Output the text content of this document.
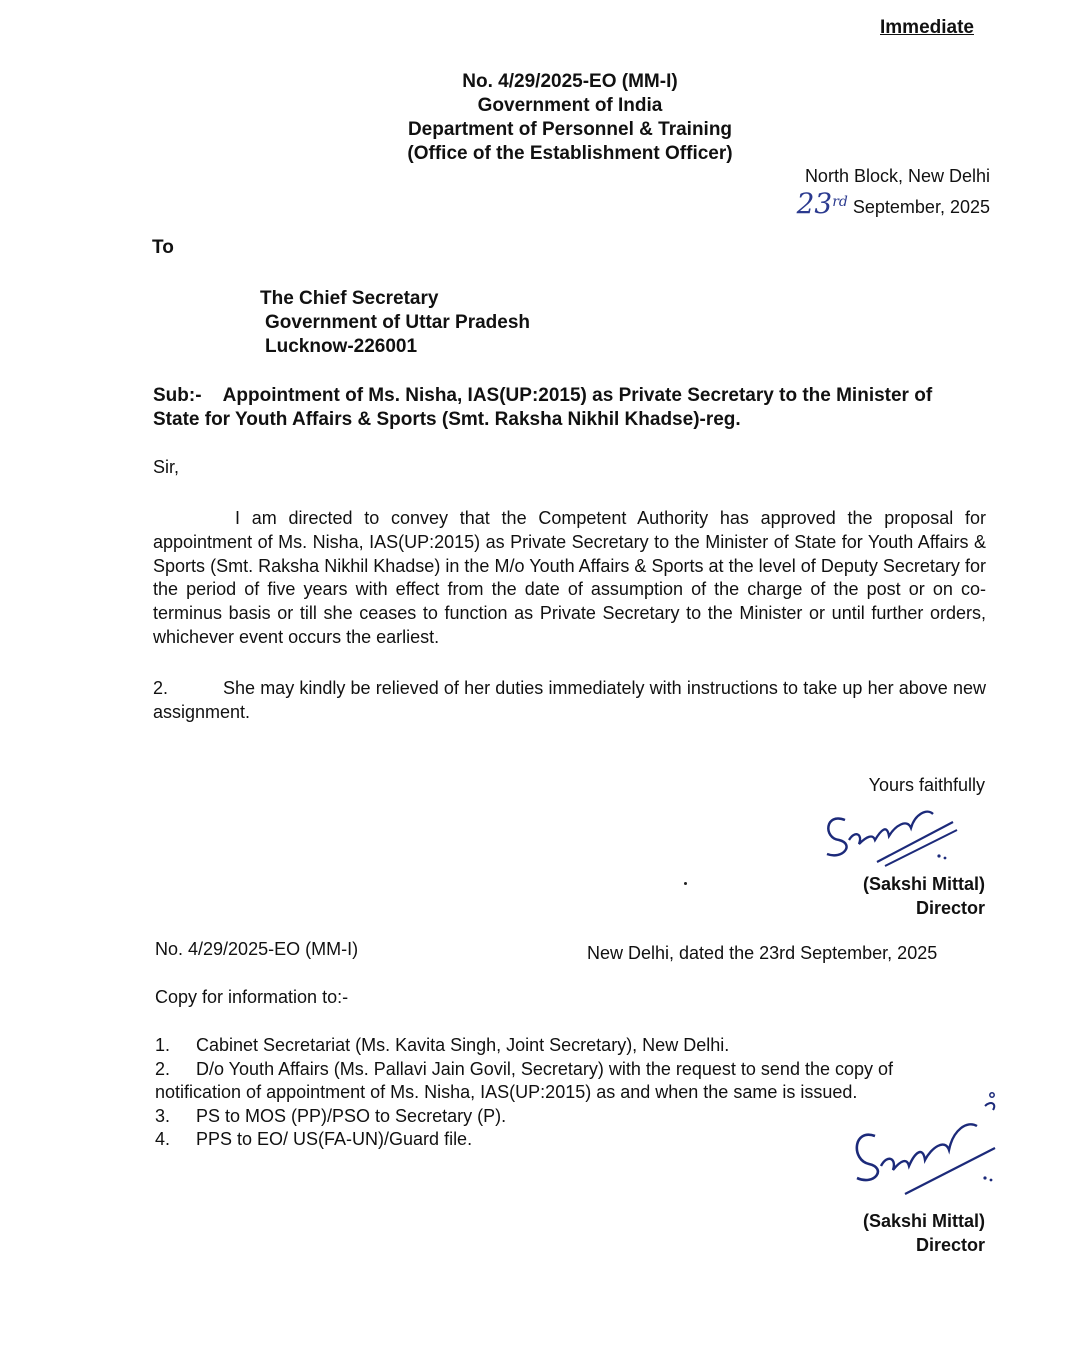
Immediate
No. 4/29/2025-EO (MM-I)
Government of India
Department of Personnel & Training
(Office of the Establishment Officer)
North Block, New Delhi
23rd September, 2025
To
The Chief Secretary
Government of Uttar Pradesh
Lucknow-226001
Sub:- Appointment of Ms. Nisha, IAS(UP:2015) as Private Secretary to the Minister of
State for Youth Affairs & Sports (Smt. Raksha Nikhil Khadse)-reg.
Sir,
I am directed to convey that the Competent Authority has approved the proposal for appointment of Ms. Nisha, IAS(UP:2015) as Private Secretary to the Minister of State for Youth Affairs & Sports (Smt. Raksha Nikhil Khadse) in the M/o Youth Affairs & Sports at the level of Deputy Secretary for the period of five years with effect from the date of assumption of the charge of the post or on co-terminus basis or till she ceases to function as Private Secretary to the Minister or until further orders, whichever event occurs the earliest.
2.	She may kindly be relieved of her duties immediately with instructions to take up her above new assignment.
Yours faithfully
(Sakshi Mittal)
Director
No. 4/29/2025-EO (MM-I)	New Delhi, dated the 23rd September, 2025
Copy for information to:-
1. Cabinet Secretariat (Ms. Kavita Singh, Joint Secretary), New Delhi.
2. D/o Youth Affairs (Ms. Pallavi Jain Govil, Secretary) with the request to send the copy of
notification of appointment of Ms. Nisha, IAS(UP:2015) as and when the same is issued.
3. PS to MOS (PP)/PSO to Secretary (P).
4. PPS to EO/ US(FA-UN)/Guard file.
(Sakshi Mittal)
Director
